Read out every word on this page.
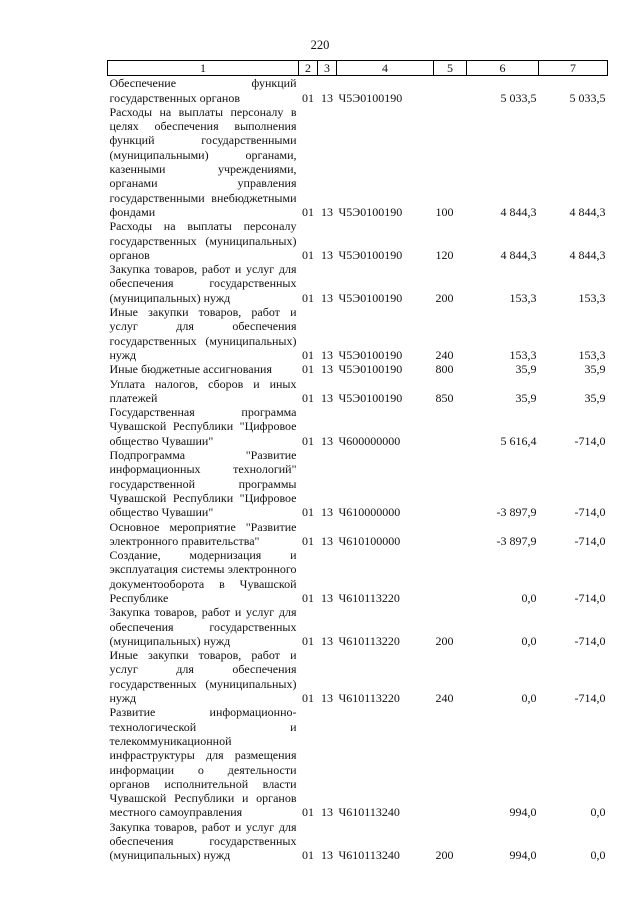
220
1	2	3	4	5	6	7
Обеспечение функций государственных органов	01	13	Ч5Э0100190		5 033,5	5 033,5
Расходы на выплаты персоналу в целях обеспечения выполнения функций государственными (муниципальными) органами, казенными учреждениями, органами управления государственными внебюджетными фондами	01	13	Ч5Э0100190	100	4 844,3	4 844,3
Расходы на выплаты персоналу государственных (муниципальных) органов	01	13	Ч5Э0100190	120	4 844,3	4 844,3
Закупка товаров, работ и услуг для обеспечения государственных (муниципальных) нужд	01	13	Ч5Э0100190	200	153,3	153,3
Иные закупки товаров, работ и услуг для обеспечения государственных (муниципальных) нужд	01	13	Ч5Э0100190	240	153,3	153,3
Иные бюджетные ассигнования	01	13	Ч5Э0100190	800	35,9	35,9
Уплата налогов, сборов и иных платежей	01	13	Ч5Э0100190	850	35,9	35,9
Государственная программа Чувашской Республики "Цифровое общество Чувашии"	01	13	Ч600000000		5 616,4	-714,0
Подпрограмма "Развитие информационных технологий" государственной программы Чувашской Республики "Цифровое общество Чувашии"	01	13	Ч610000000		-3 897,9	-714,0
Основное мероприятие "Развитие электронного правительства"	01	13	Ч610100000		-3 897,9	-714,0
Создание, модернизация и эксплуатация системы электронного документооборота в Чувашской Республике	01	13	Ч610113220		0,0	-714,0
Закупка товаров, работ и услуг для обеспечения государственных (муниципальных) нужд	01	13	Ч610113220	200	0,0	-714,0
Иные закупки товаров, работ и услуг для обеспечения государственных (муниципальных) нужд	01	13	Ч610113220	240	0,0	-714,0
Развитие информационно-технологической и телекоммуникационной инфраструктуры для размещения информации о деятельности органов исполнительной власти Чувашской Республики и органов местного самоуправления	01	13	Ч610113240		994,0	0,0
Закупка товаров, работ и услуг для обеспечения государственных (муниципальных) нужд	01	13	Ч610113240	200	994,0	0,0
